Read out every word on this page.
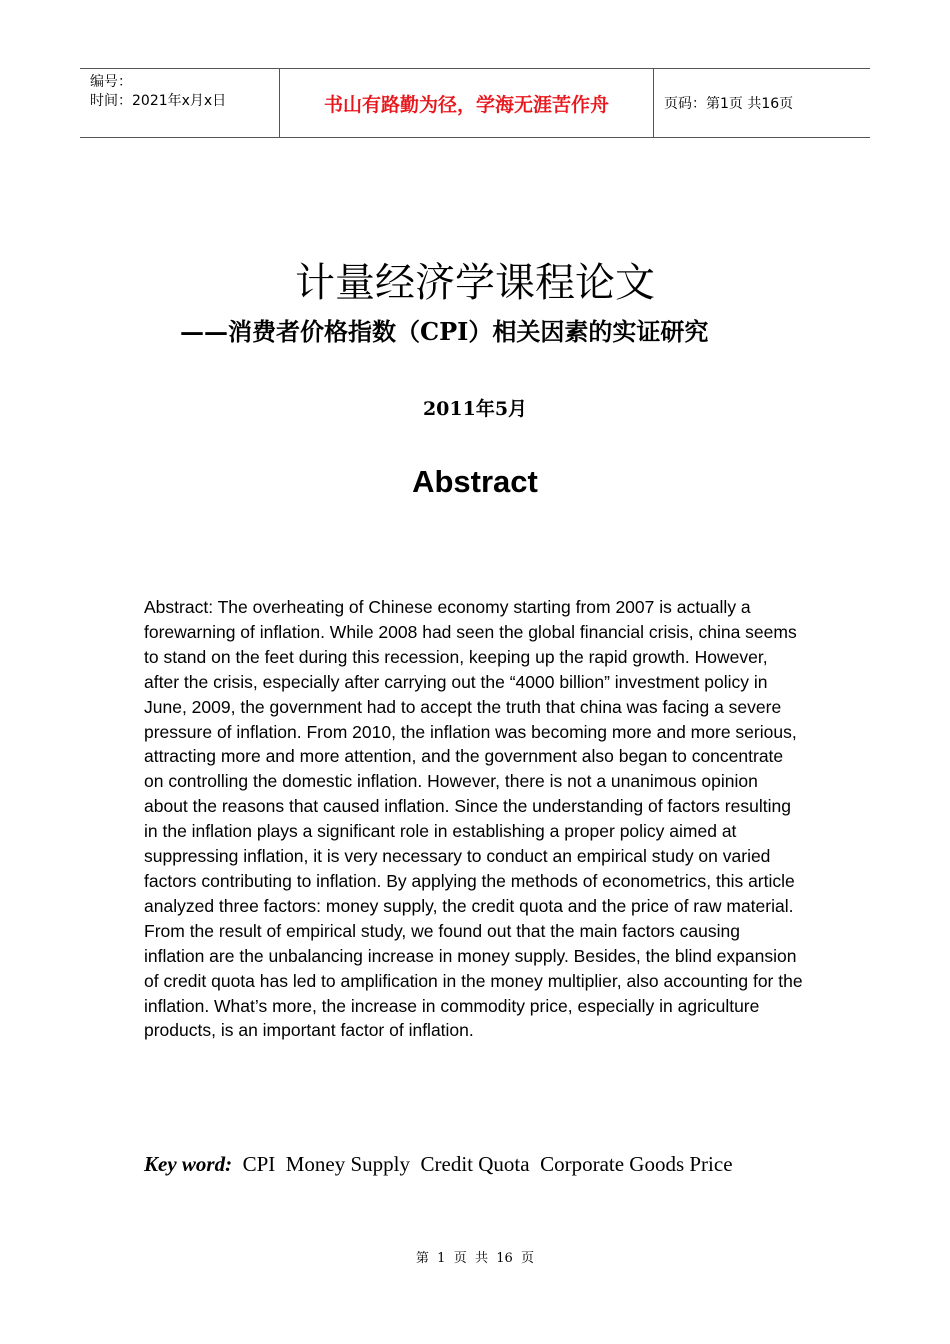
编号：
时间：2021年x月x日	书山有路勤为径，学海无涯苦作舟	页码：第1页 共16页
计量经济学课程论文
——消费者价格指数（CPI）相关因素的实证研究
2011年5月
Abstract
Abstract: The overheating of Chinese economy starting from 2007 is actually a forewarning of inflation. While 2008 had seen the global financial crisis, china seems to stand on the feet during this recession, keeping up the rapid growth. However, after the crisis, especially after carrying out the “4000 billion” investment policy in June, 2009, the government had to accept the truth that china was facing a severe pressure of inflation. From 2010, the inflation was becoming more and more serious, attracting more and more attention, and the government also began to concentrate on controlling the domestic inflation. However, there is not a unanimous opinion about the reasons that caused inflation. Since the understanding of factors resulting in the inflation plays a significant role in establishing a proper policy aimed at suppressing inflation, it is very necessary to conduct an empirical study on varied factors contributing to inflation. By applying the methods of econometrics, this article analyzed three factors: money supply, the credit quota and the price of raw material. From the result of empirical study, we found out that the main factors causing inflation are the unbalancing increase in money supply. Besides, the blind expansion of credit quota has led to amplification in the money multiplier, also accounting for the inflation. What’s more, the increase in commodity price, especially in agriculture products, is an important factor of inflation.
Key word:  CPI  Money Supply  Credit Quota  Corporate Goods Price
第  1  页  共  16  页
